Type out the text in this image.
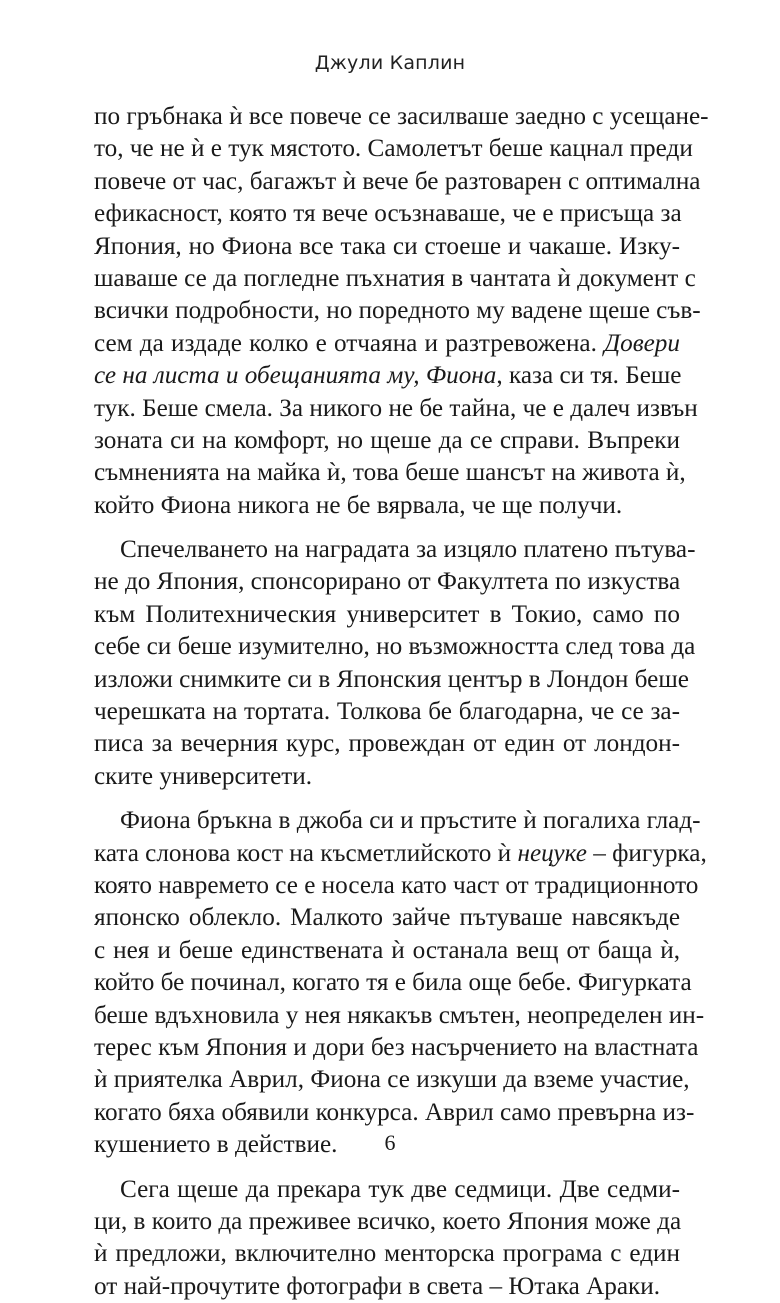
Джули Каплин
по гръбнака ѝ все повече се засилваше заедно с усещане-
то, че не ѝ е тук мястото. Самолетът беше кацнал преди
повече от час, багажът ѝ вече бе разтоварен с оптимална
ефикасност, която тя вече осъзнаваше, че е присъща за
Япония, но Фиона все така си стоеше и чакаше. Изку-
шаваше се да погледне пъхнатия в чантата ѝ документ с
всички подробности, но поредното му вадене щеше съв-
сем да издаде колко е отчаяна и разтревожена. Довери
се на листа и обещанията му, Фиона, каза си тя. Беше
тук. Беше смела. За никого не бе тайна, че е далеч извън
зоната си на комфорт, но щеше да се справи. Въпреки
съмненията на майка ѝ, това беше шансът на живота ѝ,
който Фиона никога не бе вярвала, че ще получи.
Спечелването на наградата за изцяло платено пътува-
не до Япония, спонсорирано от Факултета по изкуства
към Политехническия университет в Токио, само по
себе си беше изумително, но възможността след това да
изложи снимките си в Японския център в Лондон беше
черешката на тортата. Толкова бе благодарна, че се за-
писа за вечерния курс, провеждан от един от лондон-
ските университети.
Фиона бръкна в джоба си и пръстите ѝ погалиха глад-
ката слонова кост на късметлийското ѝ нецуке – фигурка,
която навремето се е носела като част от традиционното
японско облекло. Малкото зайче пътуваше навсякъде
с нея и беше единствената ѝ останала вещ от баща ѝ,
който бе починал, когато тя е била още бебе. Фигурката
беше вдъхновила у нея някакъв смътен, неопределен ин-
терес към Япония и дори без насърчението на властната
ѝ приятелка Аврил, Фиона се изкуши да вземе участие,
когато бяха обявили конкурса. Аврил само превърна из-
кушението в действие.
Сега щеше да прекара тук две седмици. Две седми-
ци, в които да преживее всичко, което Япония може да
ѝ предложи, включително менторска програма с един
от най-прочутите фотографи в света – Ютака Араки.
6
